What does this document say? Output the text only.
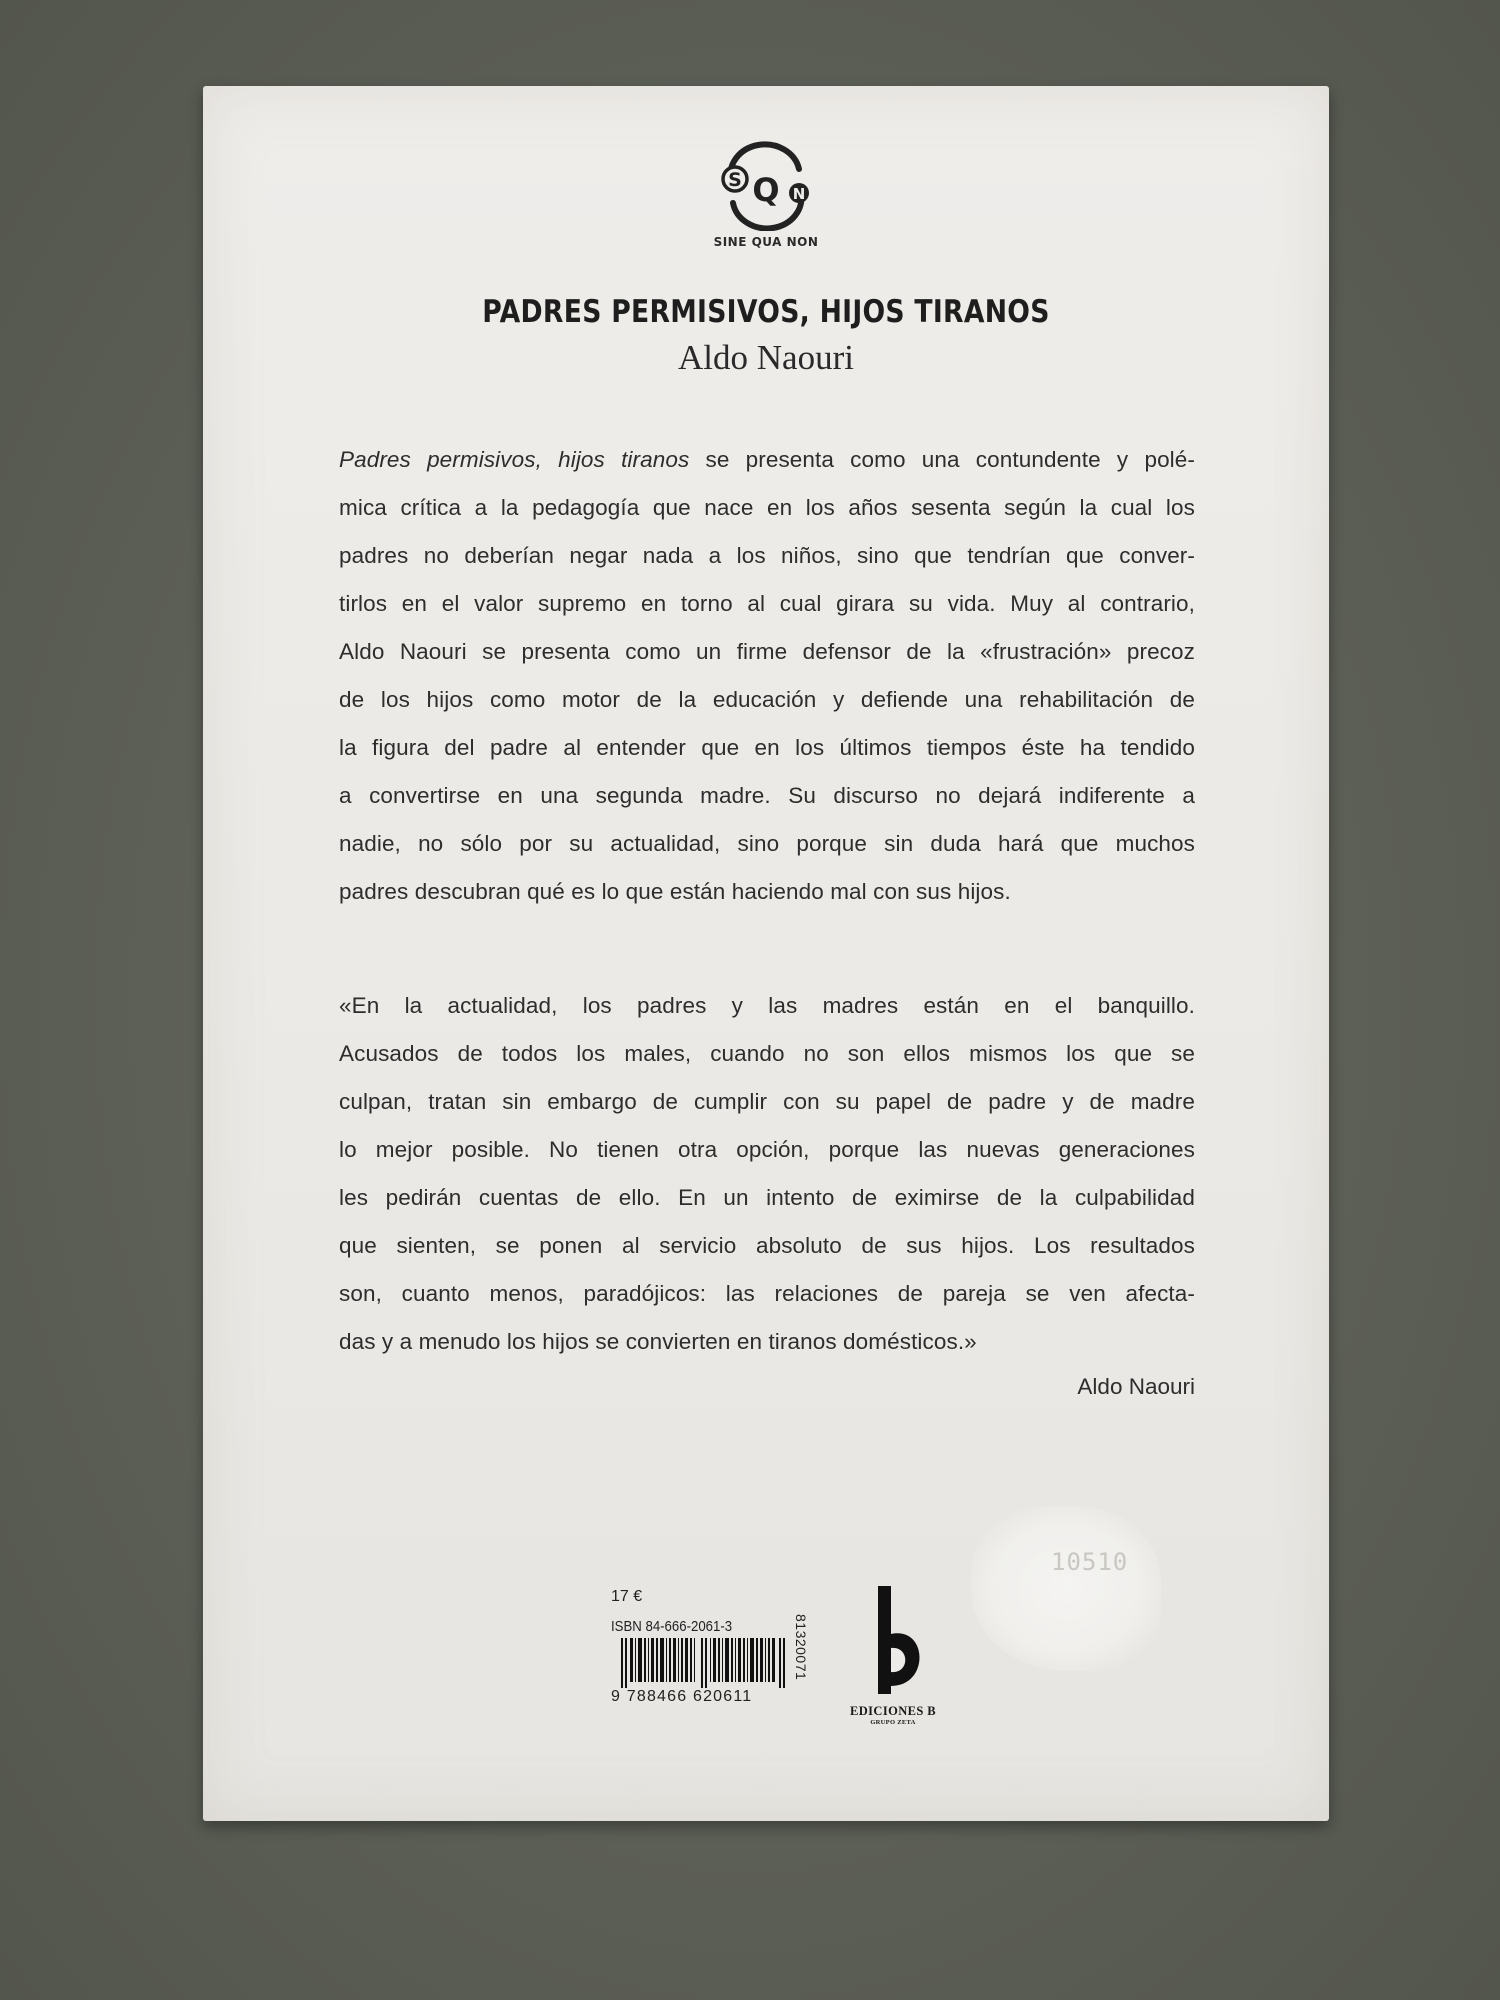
S Q N
SINE QUA NON
PADRES PERMISIVOS, HIJOS TIRANOS
Aldo Naouri
Padres permisivos, hijos tiranos se presenta como una contundente y polé-
mica crítica a la pedagogía que nace en los años sesenta según la cual los
padres no deberían negar nada a los niños, sino que tendrían que conver-
tirlos en el valor supremo en torno al cual girara su vida. Muy al contrario,
Aldo Naouri se presenta como un firme defensor de la «frustración» precoz
de los hijos como motor de la educación y defiende una rehabilitación de
la figura del padre al entender que en los últimos tiempos éste ha tendido
a convertirse en una segunda madre. Su discurso no dejará indiferente a
nadie, no sólo por su actualidad, sino porque sin duda hará que muchos
padres descubran qué es lo que están haciendo mal con sus hijos.
«En la actualidad, los padres y las madres están en el banquillo.
Acusados de todos los males, cuando no son ellos mismos los que se
culpan, tratan sin embargo de cumplir con su papel de padre y de madre
lo mejor posible. No tienen otra opción, porque las nuevas generaciones
les pedirán cuentas de ello. En un intento de eximirse de la culpabilidad
que sienten, se ponen al servicio absoluto de sus hijos. Los resultados
son, cuanto menos, paradójicos: las relaciones de pareja se ven afecta-
das y a menudo los hijos se convierten en tiranos domésticos.»
Aldo Naouri
10510
17 €
ISBN 84-666-2061-3
9 788466 620611
81320071
EDICIONES B
GRUPO ZETA
